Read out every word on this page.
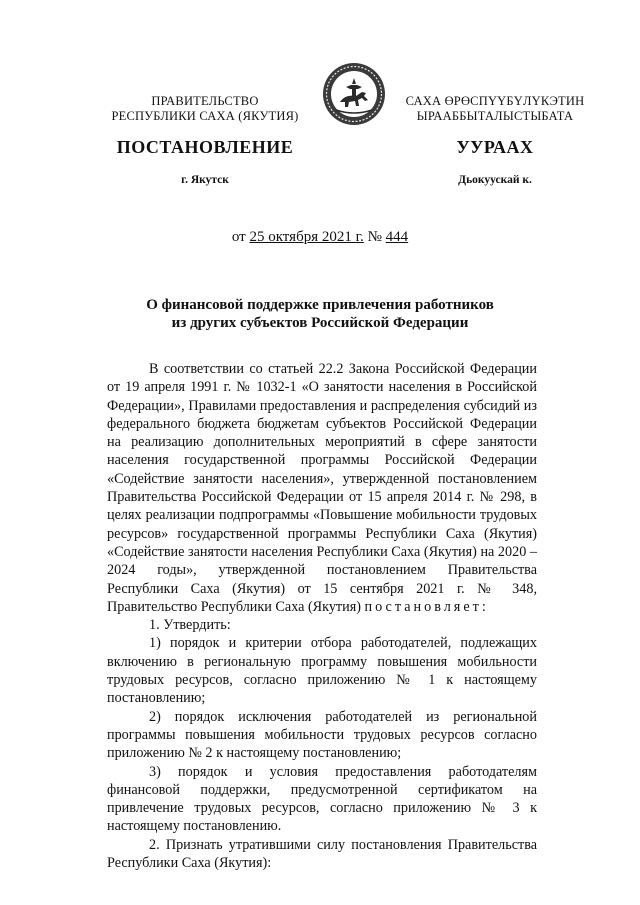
ПРАВИТЕЛЬСТВО
РЕСПУБЛИКИ САХА (ЯКУТИЯ)
САХА ӨРӨСПҮҮБҮЛҮКЭТИН
ЫРААББЫТАЛЫСТЫБАТА
ПОСТАНОВЛЕНИЕ	УУРААХ
г. Якутск	Дьокуускай к.
от 25 октября 2021 г. № 444
О финансовой поддержке привлечения работников
из других субъектов Российской Федерации

В соответствии со статьей 22.2 Закона Российской Федерации от 19 апреля 1991 г. № 1032-1 «О занятости населения в Российской Федерации», Правилами предоставления и распределения субсидий из федерального бюджета бюджетам субъектов Российской Федерации на реализацию дополнительных мероприятий в сфере занятости населения государственной программы Российской Федерации «Содействие занятости населения», утвержденной постановлением Правительства Российской Федерации от 15 апреля 2014 г. № 298, в целях реализации подпрограммы «Повышение мобильности трудовых ресурсов» государственной программы Республики Саха (Якутия) «Содействие занятости населения Республики Саха (Якутия) на 2020 – 2024 годы», утвержденной постановлением Правительства Республики Саха (Якутия) от 15 сентября 2021 г. № 348, Правительство Республики Саха (Якутия) постановляет:

1. Утвердить:

1) порядок и критерии отбора работодателей, подлежащих включению в региональную программу повышения мобильности трудовых ресурсов, согласно приложению № 1 к настоящему постановлению;

2) порядок исключения работодателей из региональной программы повышения мобильности трудовых ресурсов согласно приложению № 2 к настоящему постановлению;

3) порядок и условия предоставления работодателям финансовой поддержки, предусмотренной сертификатом на привлечение трудовых ресурсов, согласно приложению № 3 к настоящему постановлению.

2. Признать утратившими силу постановления Правительства Республики Саха (Якутия):
